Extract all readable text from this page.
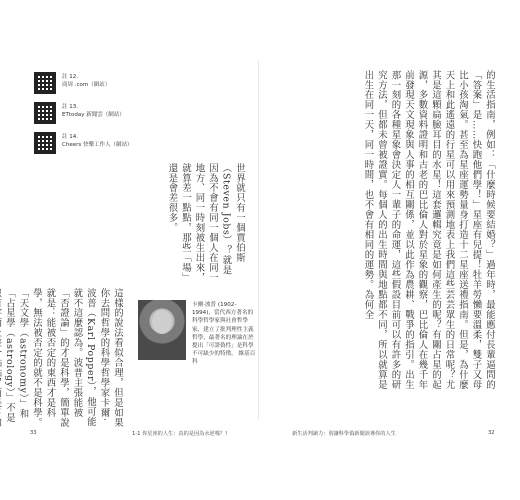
註 12.
商周 .com（網站）
註 13.
ETtoday 新聞雲（網站）
註 14.
Cheers 快樂工作人（網站）
世界就只有一個賈伯斯（Steven Jobs）？就是因為不會有同一個人在同一地方、同一時刻被生出來，就算差一點點，那些「場」還是會差很多。
這樣的說法看似合理，但是如果你去問哲學的科學哲學家卡爾‧波普（Karl Popper），他可能就不這麼認為。波普主張能被「否證論」的才是科學，簡單說就是：能被否定的東西才是科學，無法被否定的就不是科學。「天文學（astronomy）」和「占星學（astrology）」不是
卡爾‧波普 (1902-1994)，當代西方著名的科學哲學家與社會哲學家，建立了批判理性主義哲學，最著名的理論在於提出「可證偽性」是科學不可缺少的特徵。 維基百科	的生活指南，例如：「什麼時候要結婚？」過年時，最能應付長輩逼問的「答案」是……快跑他們學！」星座有兒提！牡羊勞懶要溫柔，雙子又母比小孩淘氣。甚至為星座運勢量身打造十二星座送禮指南。但是，為什麼天上和此遙遠的行星可以用來預測地表上我們這些芸芸眾生的日常呢？尤其是這顆扁臉耳目的水星！這套邏輯究竟是如何產生的呢？有關占星的起源，多數資料證明和古老的巴比倫人對於星象的觀察，巴比倫人在幾千年前發現天文現象與人事的相互關係，並以此作為農耕、戰爭的指引。出生那一刻的各種星象會決定人一輩子的命運，這些假設目前可以有許多的研究方法，但都未曾被證實。每個人的出生時間與地點都不同，所以就算是出生在同一天，同一時間，也不會有相同的運勢。為何全
33	1-1 你星座的人生：真的是因為水逆嗎？!	新生活判讀力：別讓科學偽新聞誤導你的人生	32
